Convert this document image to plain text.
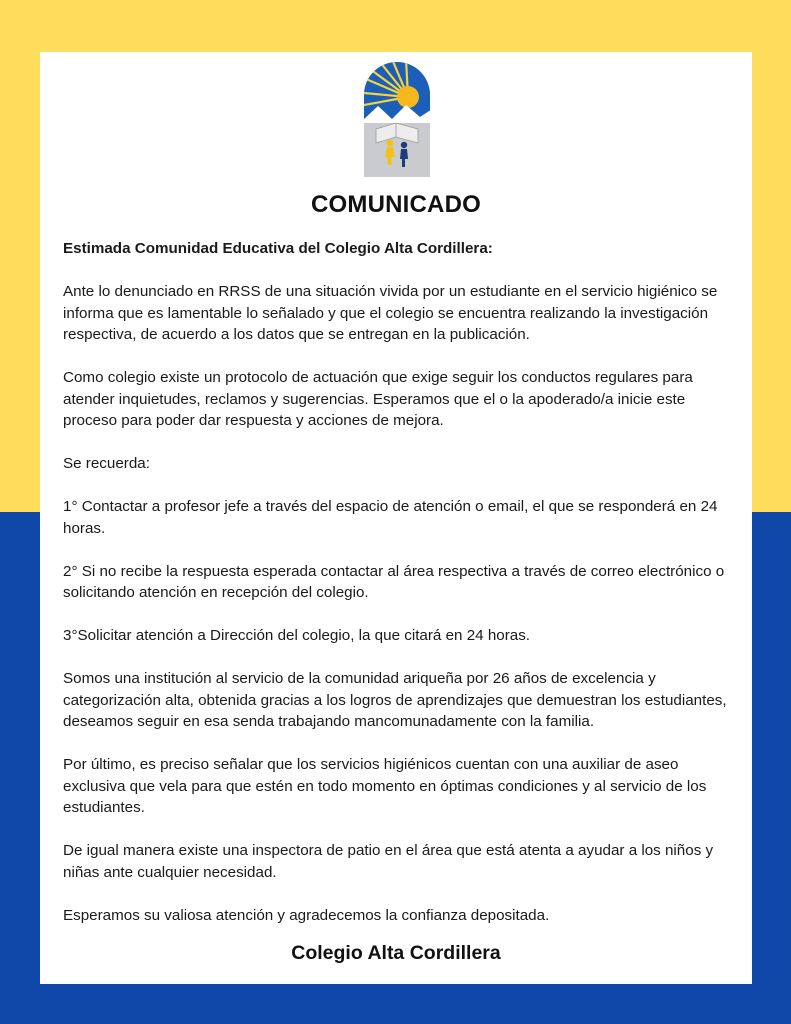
COMUNICADO

Estimada Comunidad Educativa del Colegio Alta Cordillera:

Ante lo denunciado en RRSS de una situación vivida por un estudiante en el servicio higiénico se informa que es lamentable lo señalado y que el colegio se encuentra realizando la investigación respectiva, de acuerdo a los datos que se entregan en la publicación.

Como colegio existe un protocolo de actuación que exige seguir los conductos regulares para atender inquietudes, reclamos y sugerencias. Esperamos que el o la apoderado/a inicie este proceso para poder dar respuesta y acciones de mejora.

Se recuerda:

1° Contactar a profesor jefe a través del espacio de atención o email, el que se responderá en 24 horas.

2° Si no recibe la respuesta esperada contactar al área respectiva a través de correo electrónico o solicitando atención en recepción del colegio.

3°Solicitar atención a Dirección del colegio, la que citará en 24 horas.

Somos una institución al servicio de la comunidad ariqueña por 26 años de excelencia y categorización alta, obtenida gracias a los logros de aprendizajes que demuestran los estudiantes, deseamos seguir en esa senda trabajando mancomunadamente con la familia.

Por último, es preciso señalar que los servicios higiénicos cuentan con una auxiliar de aseo exclusiva que vela para que estén en todo momento en óptimas condiciones y al servicio de los estudiantes.

De igual manera existe una inspectora de patio en el área que está atenta a ayudar a los niños y niñas ante cualquier necesidad.

Esperamos su valiosa atención y agradecemos la confianza depositada.

Colegio Alta Cordillera
